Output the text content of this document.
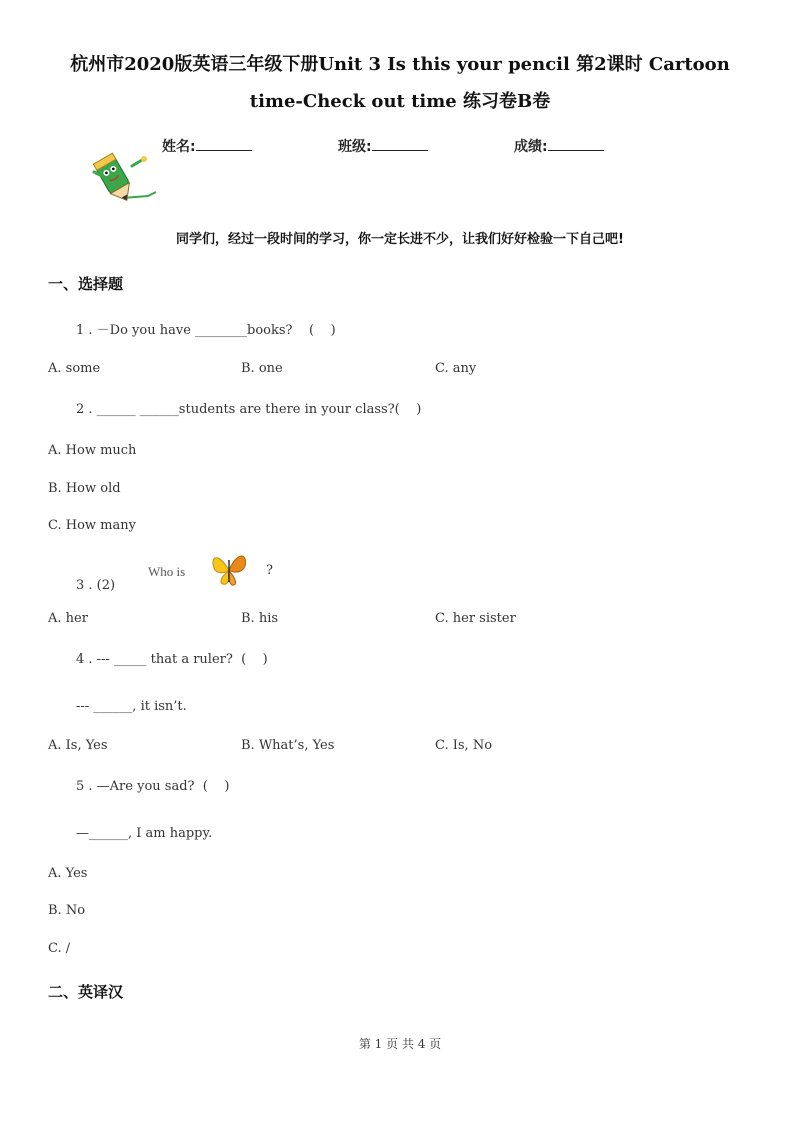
杭州市2020版英语三年级下册Unit 3 Is this your pencil 第2课时 Cartoon
time-Check out time 练习卷B卷
姓名:	班级:	成绩:
同学们，经过一段时间的学习，你一定长进不少，让我们好好检验一下自己吧!
一、选择题
1 . －Do you have ________books?    (    )
A. some	B. one	C. any
2 . ______ ______students are there in your class?(    )
A. How much
B. How old
C. How many
3 . (2)
Who is	?
A. her	B. his	C. her sister
4 . --- _____ that a ruler?  (    )
--- ______, it isn’t.
A. Is, Yes	B. What’s, Yes	C. Is, No
5 . —Are you sad?  (    )
—______, I am happy.
A. Yes
B. No
C. /
二、英译汉
第 1 页 共 4 页
